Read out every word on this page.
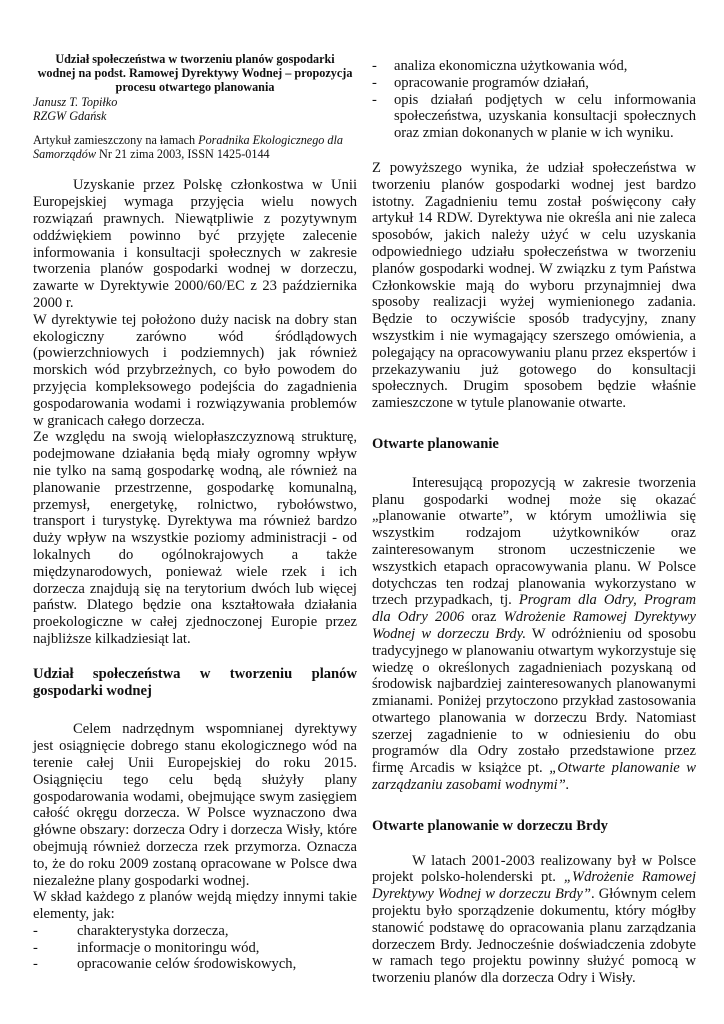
Udział społeczeństwa w tworzeniu planów gospodarki wodnej na podst. Ramowej Dyrektywy Wodnej – propozycja procesu otwartego planowania
Janusz T. Topiłko
RZGW Gdańsk
Artykuł zamieszczony na łamach Poradnika Ekologicznego dla Samorządów Nr 21 zima 2003, ISSN 1425-0144

Uzyskanie przez Polskę członkostwa w Unii Europejskiej wymaga przyjęcia wielu nowych rozwiązań prawnych. Niewątpliwie z pozytywnym oddźwiękiem powinno być przyjęte zalecenie informowania i konsultacji społecznych w zakresie tworzenia planów gospodarki wodnej w dorzeczu, zawarte w Dyrektywie 2000/60/EC z 23 października 2000 r.

W dyrektywie tej położono duży nacisk na dobry stan ekologiczny zarówno wód śródlądowych (powierzchniowych i podziemnych) jak również morskich wód przybrzeżnych, co było powodem do przyjęcia kompleksowego podejścia do zagadnienia gospodarowania wodami i rozwiązywania problemów w granicach całego dorzecza.

Ze względu na swoją wielopłaszczyznową strukturę, podejmowane działania będą miały ogromny wpływ nie tylko na samą gospodarkę wodną, ale również na planowanie przestrzenne, gospodarkę komunalną, przemysł, energetykę, rolnictwo, rybołówstwo, transport i turystykę. Dyrektywa ma również bardzo duży wpływ na wszystkie poziomy administracji - od lokalnych do ogólnokrajowych a także międzynarodowych, ponieważ wiele rzek i ich dorzecza znajdują się na terytorium dwóch lub więcej państw. Dlatego będzie ona kształtowała działania proekologiczne w całej zjednoczonej Europie przez najbliższe kilkadziesiąt lat.

Udział społeczeństwa w tworzeniu planów gospodarki wodnej

Celem nadrzędnym wspomnianej dyrektywy jest osiągnięcie dobrego stanu ekologicznego wód na terenie całej Unii Europejskiej do roku 2015. Osiągnięciu tego celu będą służyły plany gospodarowania wodami, obejmujące swym zasięgiem całość okręgu dorzecza. W Polsce wyznaczono dwa główne obszary: dorzecza Odry i dorzecza Wisły, które obejmują również dorzecza rzek przymorza. Oznacza to, że do roku 2009 zostaną opracowane w Polsce dwa niezależne plany gospodarki wodnej.

W skład każdego z planów wejdą między innymi takie elementy, jak:

- charakterystyka dorzecza,
- informacje o monitoringu wód,
- opracowanie celów środowiskowych,
- analiza ekonomiczna użytkowania wód,
- opracowanie programów działań,
- opis działań podjętych w celu informowania społeczeństwa, uzyskania konsultacji społecznych oraz zmian dokonanych w planie w ich wyniku.

Z powyższego wynika, że udział społeczeństwa w tworzeniu planów gospodarki wodnej jest bardzo istotny. Zagadnieniu temu został poświęcony cały artykuł 14 RDW. Dyrektywa nie określa ani nie zaleca sposobów, jakich należy użyć w celu uzyskania odpowiedniego udziału społeczeństwa w tworzeniu planów gospodarki wodnej. W związku z tym Państwa Członkowskie mają do wyboru przynajmniej dwa sposoby realizacji wyżej wymienionego zadania. Będzie to oczywiście sposób tradycyjny, znany wszystkim i nie wymagający szerszego omówienia, a polegający na opracowywaniu planu przez ekspertów i przekazywaniu już gotowego do konsultacji społecznych. Drugim sposobem będzie właśnie zamieszczone w tytule planowanie otwarte.

Otwarte planowanie

Interesującą propozycją w zakresie tworzenia planu gospodarki wodnej może się okazać „planowanie otwarte”, w którym umożliwia się wszystkim rodzajom użytkowników oraz zainteresowanym stronom uczestniczenie we wszystkich etapach opracowywania planu. W Polsce dotychczas ten rodzaj planowania wykorzystano w trzech przypadkach, tj. Program dla Odry, Program dla Odry 2006 oraz Wdrożenie Ramowej Dyrektywy Wodnej w dorzeczu Brdy. W odróżnieniu od sposobu tradycyjnego w planowaniu otwartym wykorzystuje się wiedzę o określonych zagadnieniach pozyskaną od środowisk najbardziej zainteresowanych planowanymi zmianami. Poniżej przytoczono przykład zastosowania otwartego planowania w dorzeczu Brdy. Natomiast szerzej zagadnienie to w odniesieniu do obu programów dla Odry zostało przedstawione przez firmę Arcadis w książce pt. „Otwarte planowanie w zarządzaniu zasobami wodnymi”.

Otwarte planowanie w dorzeczu Brdy

W latach 2001-2003 realizowany był w Polsce projekt polsko-holenderski pt. „Wdrożenie Ramowej Dyrektywy Wodnej w dorzeczu Brdy”. Głównym celem projektu było sporządzenie dokumentu, który mógłby stanowić podstawę do opracowania planu zarządzania dorzeczem Brdy. Jednocześnie doświadczenia zdobyte w ramach tego projektu powinny służyć pomocą w tworzeniu planów dla dorzecza Odry i Wisły.
